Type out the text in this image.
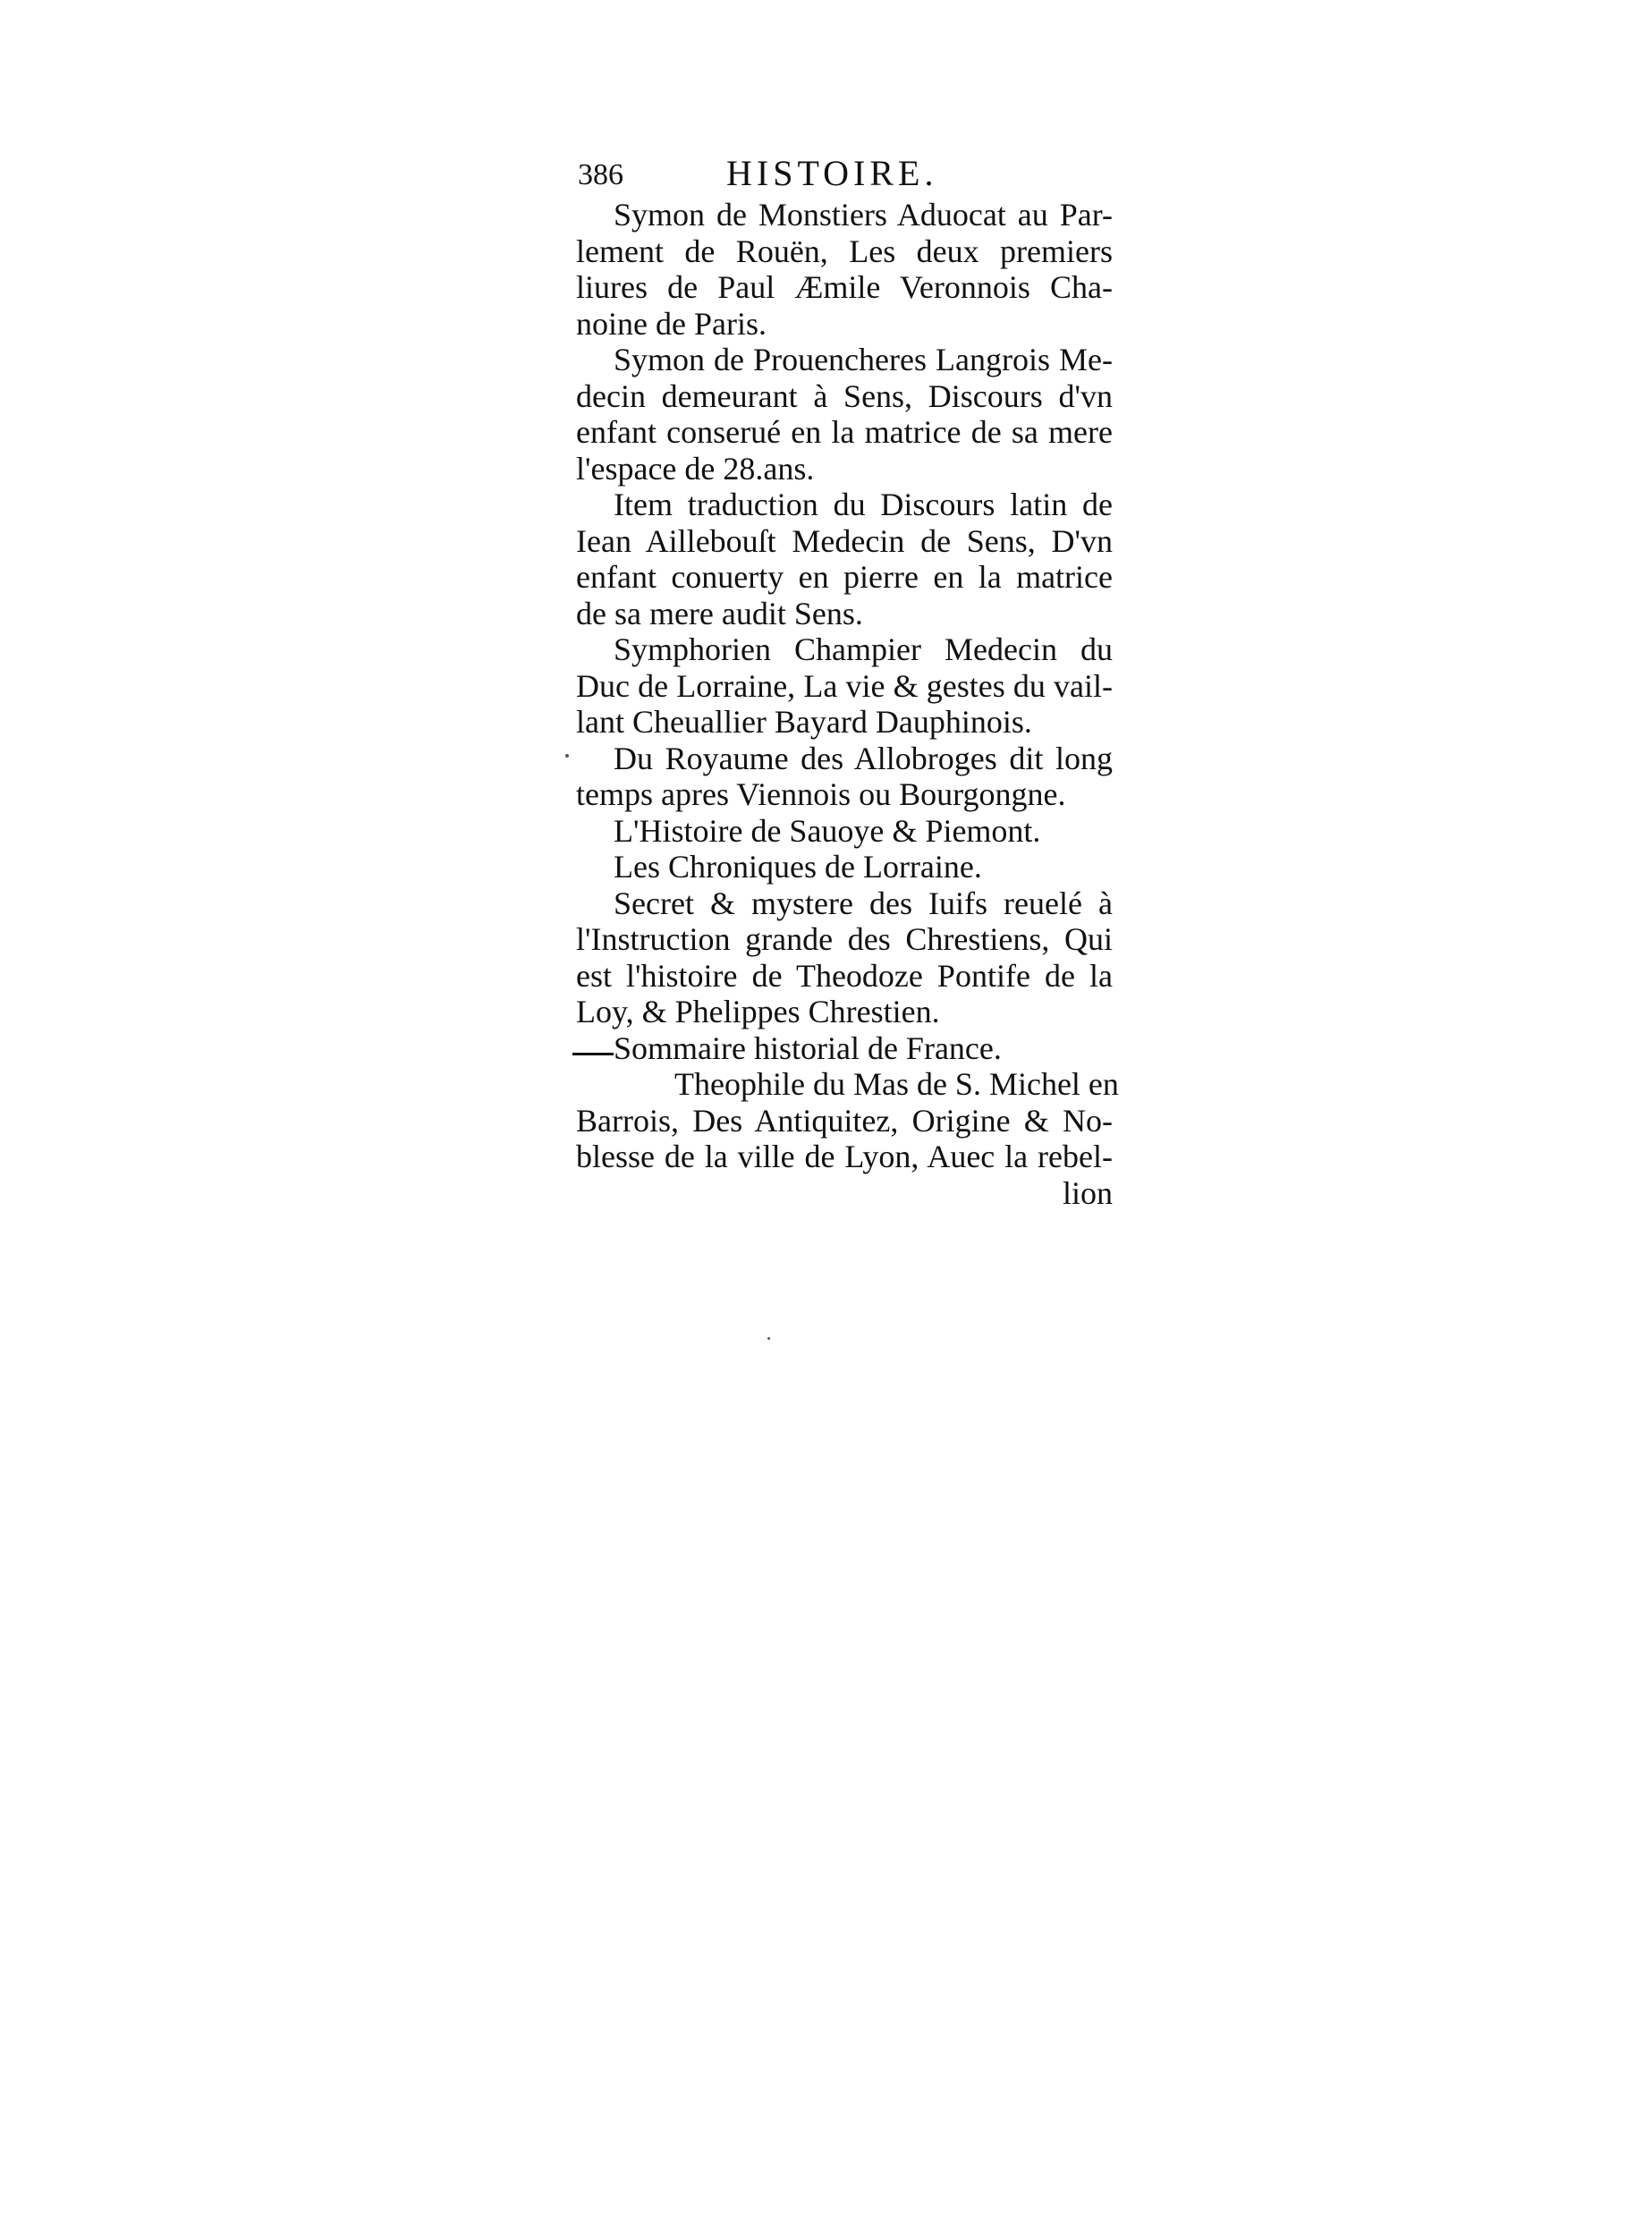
386	HISTOIRE.
Symon de Monstiers Aduocat au Par-
lement de Rouën, Les deux premiers
liures de Paul Æmile Veronnois Cha-
noine de Paris.
Symon de Prouencheres Langrois Me-
decin demeurant à Sens, Discours d'vn
enfant conserué en la matrice de sa mere
l'espace de 28.ans.
Item traduction du Discours latin de
Iean Aillebouſt Medecin de Sens, D'vn
enfant conuerty en pierre en la matrice
de sa mere audit Sens.
Symphorien Champier Medecin du
Duc de Lorraine, La vie & gestes du vail-
lant Cheuallier Bayard Dauphinois.
Du Royaume des Allobroges dit long
temps apres Viennois ou Bourgongne.
L'Histoire de Sauoye & Piemont.
Les Chroniques de Lorraine.
Secret & mystere des Iuifs reuelé à
l'Instruction grande des Chrestiens, Qui
est l'histoire de Theodoze Pontife de la
Loy, & Phelippes Chrestien.
Sommaire historial de France.
Theophile du Mas de S. Michel en
Barrois, Des Antiquitez, Origine & No-
blesse de la ville de Lyon, Auec la rebel-
lion
